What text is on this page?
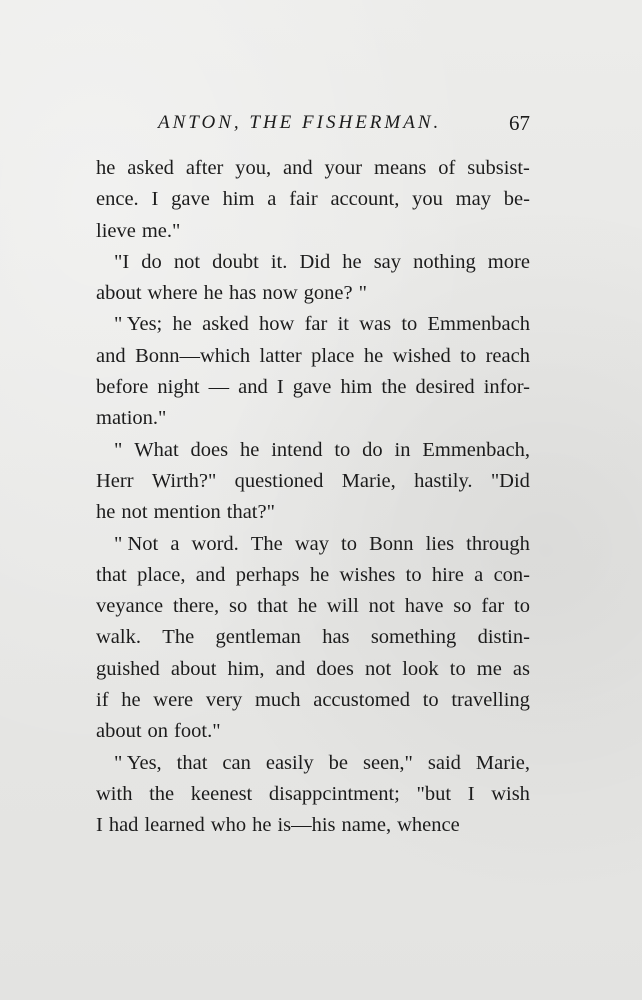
ANTON, THE FISHERMAN.	67
he asked after you, and your means of subsist-
ence. I gave him a fair account, you may be-
lieve me."
"I do not doubt it. Did he say nothing more
about where he has now gone? "
" Yes; he asked how far it was to Emmenbach
and Bonn—which latter place he wished to reach
before night — and I gave him the desired infor-
mation."
" What does he intend to do in Emmenbach,
Herr Wirth?" questioned Marie, hastily. "Did
he not mention that?"
" Not a word. The way to Bonn lies through
that place, and perhaps he wishes to hire a con-
veyance there, so that he will not have so far to
walk. The gentleman has something distin-
guished about him, and does not look to me as
if he were very much accustomed to travelling
about on foot."
" Yes, that can easily be seen," said Marie,
with the keenest disappcintment; "but I wish
I had learned who he is—his name, whence
